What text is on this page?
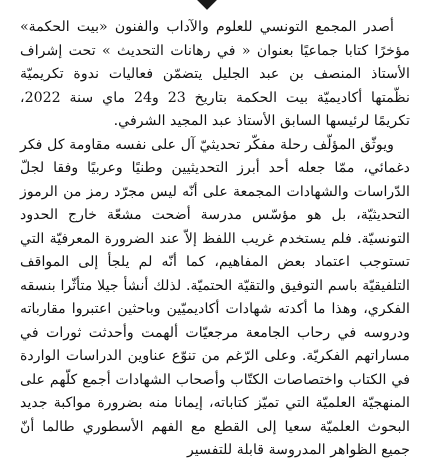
أصدر المجمع التونسي للعلوم والآداب والفنون «بيت الحكمة» مؤخرًا كتابا جماعيًا بعنوان « في رهانات التحديث » تحت إشراف الأستاذ المنصف بن عبد الجليل يتضمّن فعاليات ندوة تكريميّة نظّمتها أكاديميّة بيت الحكمة بتاريخ 23 و24 ماي سنة 2022، تكريمًا لرئيسها السابق الأستاذ عبد المجيد الشرفي.

ويوثّق المؤلّف رحلة مفكّر تحديثيّ آل على نفسه مقاومة كل فكر دغمائي، ممّا جعله أحد أبرز التحديثيين وطنيًا وعربيًا وفقا لجلّ الدّراسات والشهادات المجمعة على أنّه ليس مجرّد رمز من الرموز التحديثيّة، بل هو مؤسّس مدرسة أضحت مشعّة خارج الحدود التونسيّة. فلم يستخدم غريب اللفظ إلاّ عند الضرورة المعرفيّة التي تستوجب اعتماد بعض المفاهيم، كما أنّه لم يلجأ إلى المواقف التلفيقيّة باسم التوفيق والتقيّة الحتميّة. لذلك أنشأ جيلا متأثّرا بنسقه الفكري، وهذا ما أكدته شهادات أكاديميّين وباحثين اعتبروا مقارباته ودروسه في رحاب الجامعة مرجعيّات ألهمت وأحدثت ثورات في مساراتهم الفكريّة. وعلى الرّغم من تنوّع عناوين الدراسات الواردة في الكتاب واختصاصات الكتّاب وأصحاب الشهادات أجمع كلّهم على المنهجيّة العلميّة التي تميّز كتاباته، إيمانا منه بضرورة مواكبة جديد البحوث العلميّة سعيا إلى القطع مع الفهم الأسطوري طالما أنّ جميع الظواهر المدروسة قابلة للتفسير
